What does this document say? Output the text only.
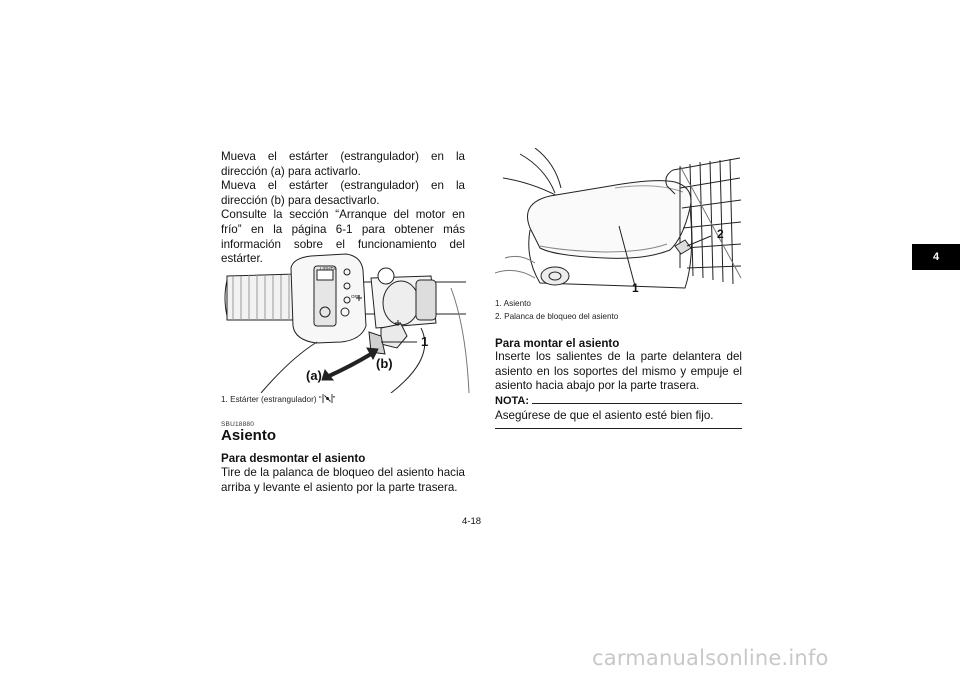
Mueva el estárter (estrangulador) en la dirección (a) para activarlo.

Mueva el estárter (estrangulador) en la dirección (b) para desactivarlo.

Consulte la sección “Arranque del motor en frío” en la página 6-1 para obtener más información sobre el funcionamiento del estárter.

LIGHTS
OFF
1
(a)
(b)
1. Estárter (estrangulador) “ ”
SBU18880
Asiento
Para desmontar el asiento

Tire de la palanca de bloqueo del asiento hacia arriba y levante el asiento por la parte trasera.

1
2
1. Asiento
2. Palanca de bloqueo del asiento
Para montar el asiento

Inserte los salientes de la parte delantera del asiento en los soportes del mismo y empuje el asiento hacia abajo por la parte trasera.

NOTA:
Asegúrese de que el asiento esté bien fijo.
4
4-18
carmanualsonline.info
